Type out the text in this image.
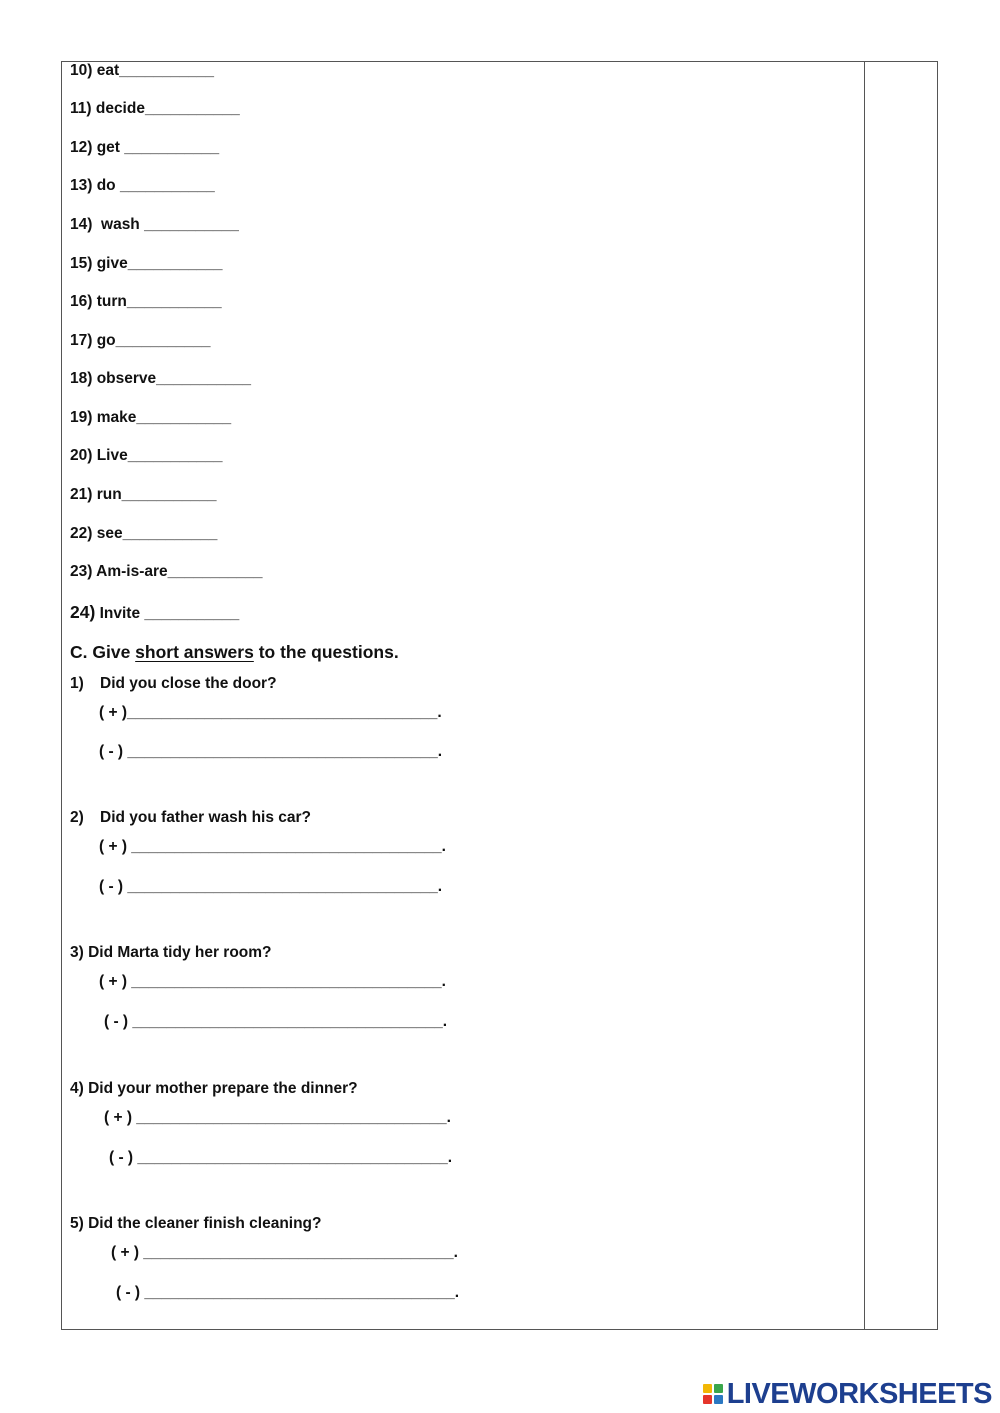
10) eat___________
11) decide___________
12) get ___________
13) do ___________
14)  wash ___________
15) give___________
16) turn___________
17) go___________
18) observe___________
19) make___________
20) Live___________
21) run___________
22) see___________
23) Am-is-are___________
24) Invite ___________
C. Give short answers to the questions.
1) Did you close the door?
( + )____________________________________.
( - ) ____________________________________.
2) Did you father wash his car?
( + ) ____________________________________.
( - ) ____________________________________.
3) Did Marta tidy her room?
( + ) ____________________________________.
( - ) ____________________________________.
4) Did your mother prepare the dinner?
( + ) ____________________________________.
( - ) ____________________________________.
5) Did the cleaner finish cleaning?
( + ) ____________________________________.
( - ) ____________________________________.
LIVEWORKSHEETS
